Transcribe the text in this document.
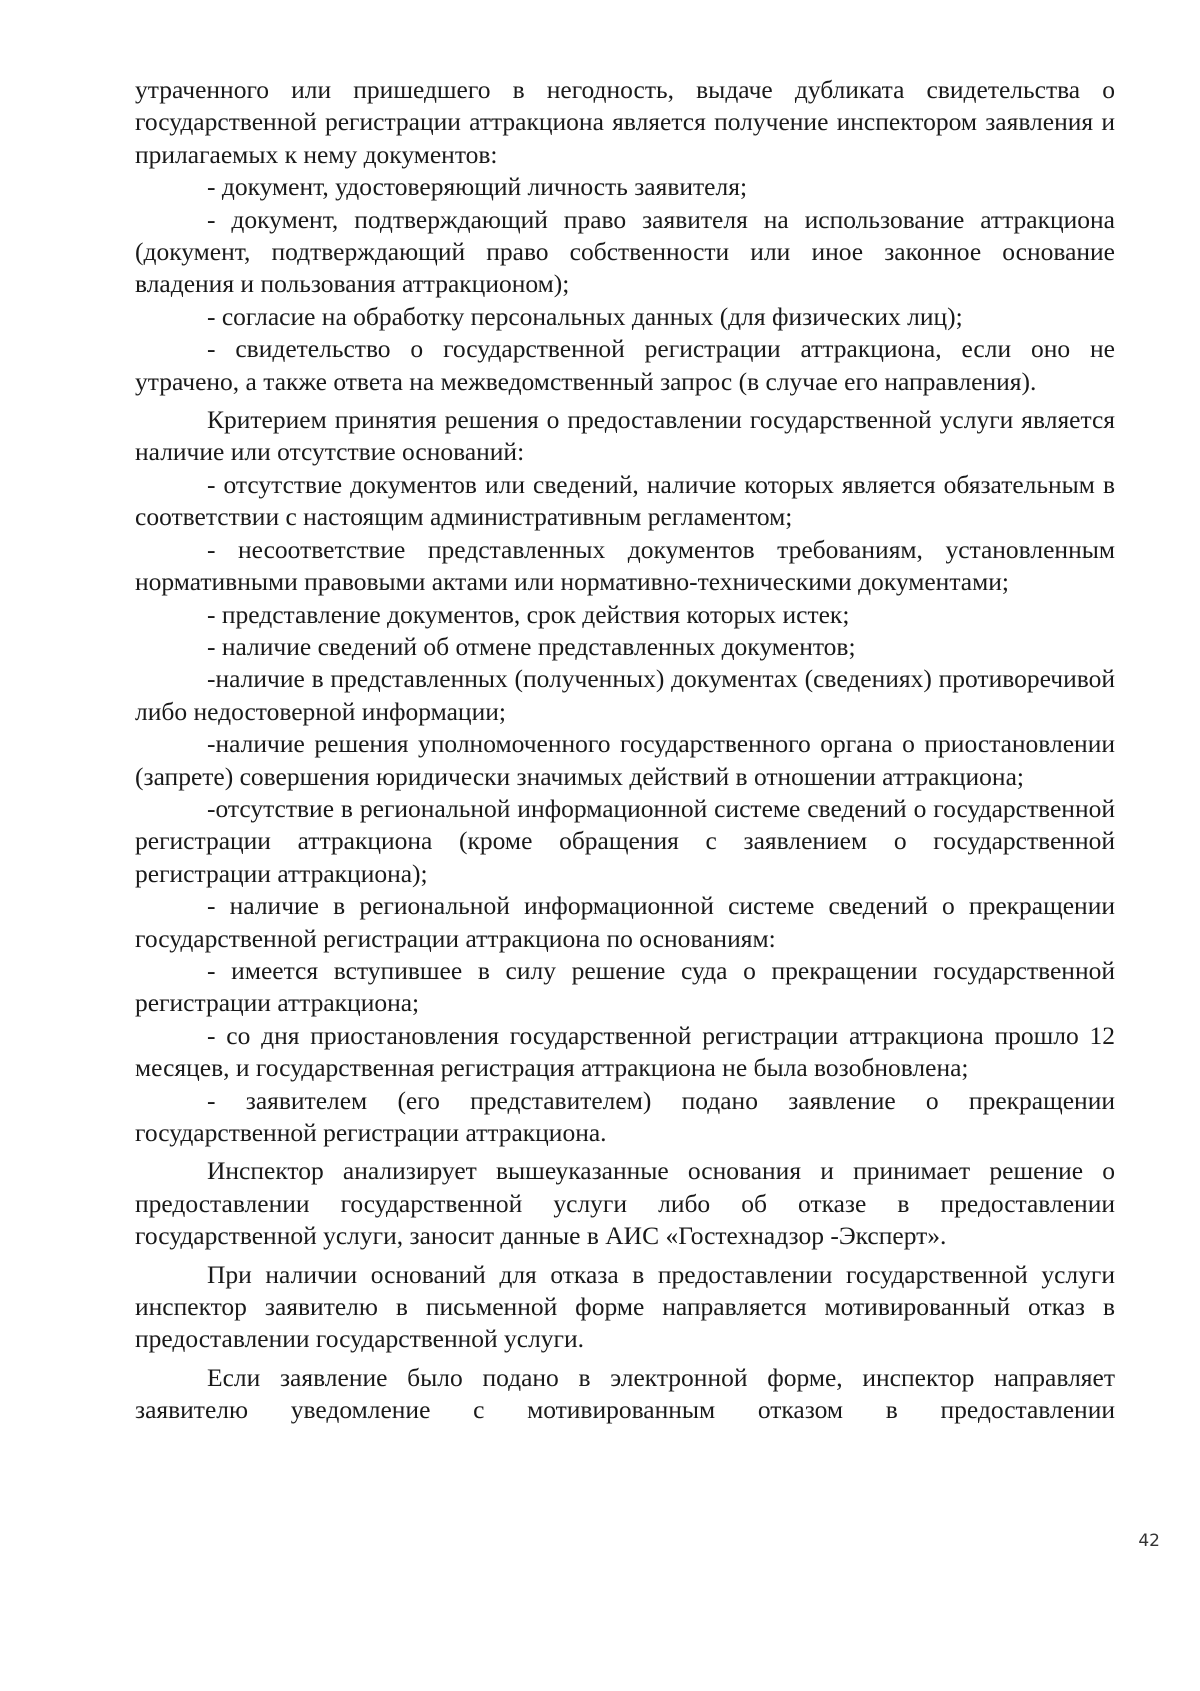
утраченного или пришедшего в негодность, выдаче дубликата свидетельства о государственной регистрации аттракциона является получение инспектором заявления и прилагаемых к нему документов:

- документ, удостоверяющий личность заявителя;

- документ, подтверждающий право заявителя на использование аттракциона (документ, подтверждающий право собственности или иное законное основание владения и пользования аттракционом);

- согласие на обработку персональных данных (для физических лиц);

- свидетельство о государственной регистрации аттракциона, если оно не утрачено, а также ответа на межведомственный запрос (в случае его направления).

Критерием принятия решения о предоставлении государственной услуги является наличие или отсутствие оснований:

- отсутствие документов или сведений, наличие которых является обязательным в соответствии с настоящим административным регламентом;

- несоответствие представленных документов требованиям, установленным нормативными правовыми актами или нормативно-техническими документами;

- представление документов, срок действия которых истек;

- наличие сведений об отмене представленных документов;

-наличие в представленных (полученных) документах (сведениях) противоречивой либо недостоверной информации;

-наличие решения уполномоченного государственного органа о приостановлении (запрете) совершения юридически значимых действий в отношении аттракциона;

-отсутствие в региональной информационной системе сведений о государственной регистрации аттракциона (кроме обращения с заявлением о государственной регистрации аттракциона);

- наличие в региональной информационной системе сведений о прекращении государственной регистрации аттракциона по основаниям:

- имеется вступившее в силу решение суда о прекращении государственной регистрации аттракциона;

- со дня приостановления государственной регистрации аттракциона прошло 12 месяцев, и государственная регистрация аттракциона не была возобновлена;

- заявителем (его представителем) подано заявление о прекращении государственной регистрации аттракциона.

Инспектор анализирует вышеуказанные основания и принимает решение о предоставлении государственной услуги либо об отказе в предоставлении государственной услуги, заносит данные в АИС «Гостехнадзор -Эксперт».

При наличии оснований для отказа в предоставлении государственной услуги инспектор заявителю в письменной форме направляется мотивированный отказ в предоставлении государственной услуги.

Если заявление было подано в электронной форме, инспектор направляет заявителю уведомление с мотивированным отказом в предоставлении

42
